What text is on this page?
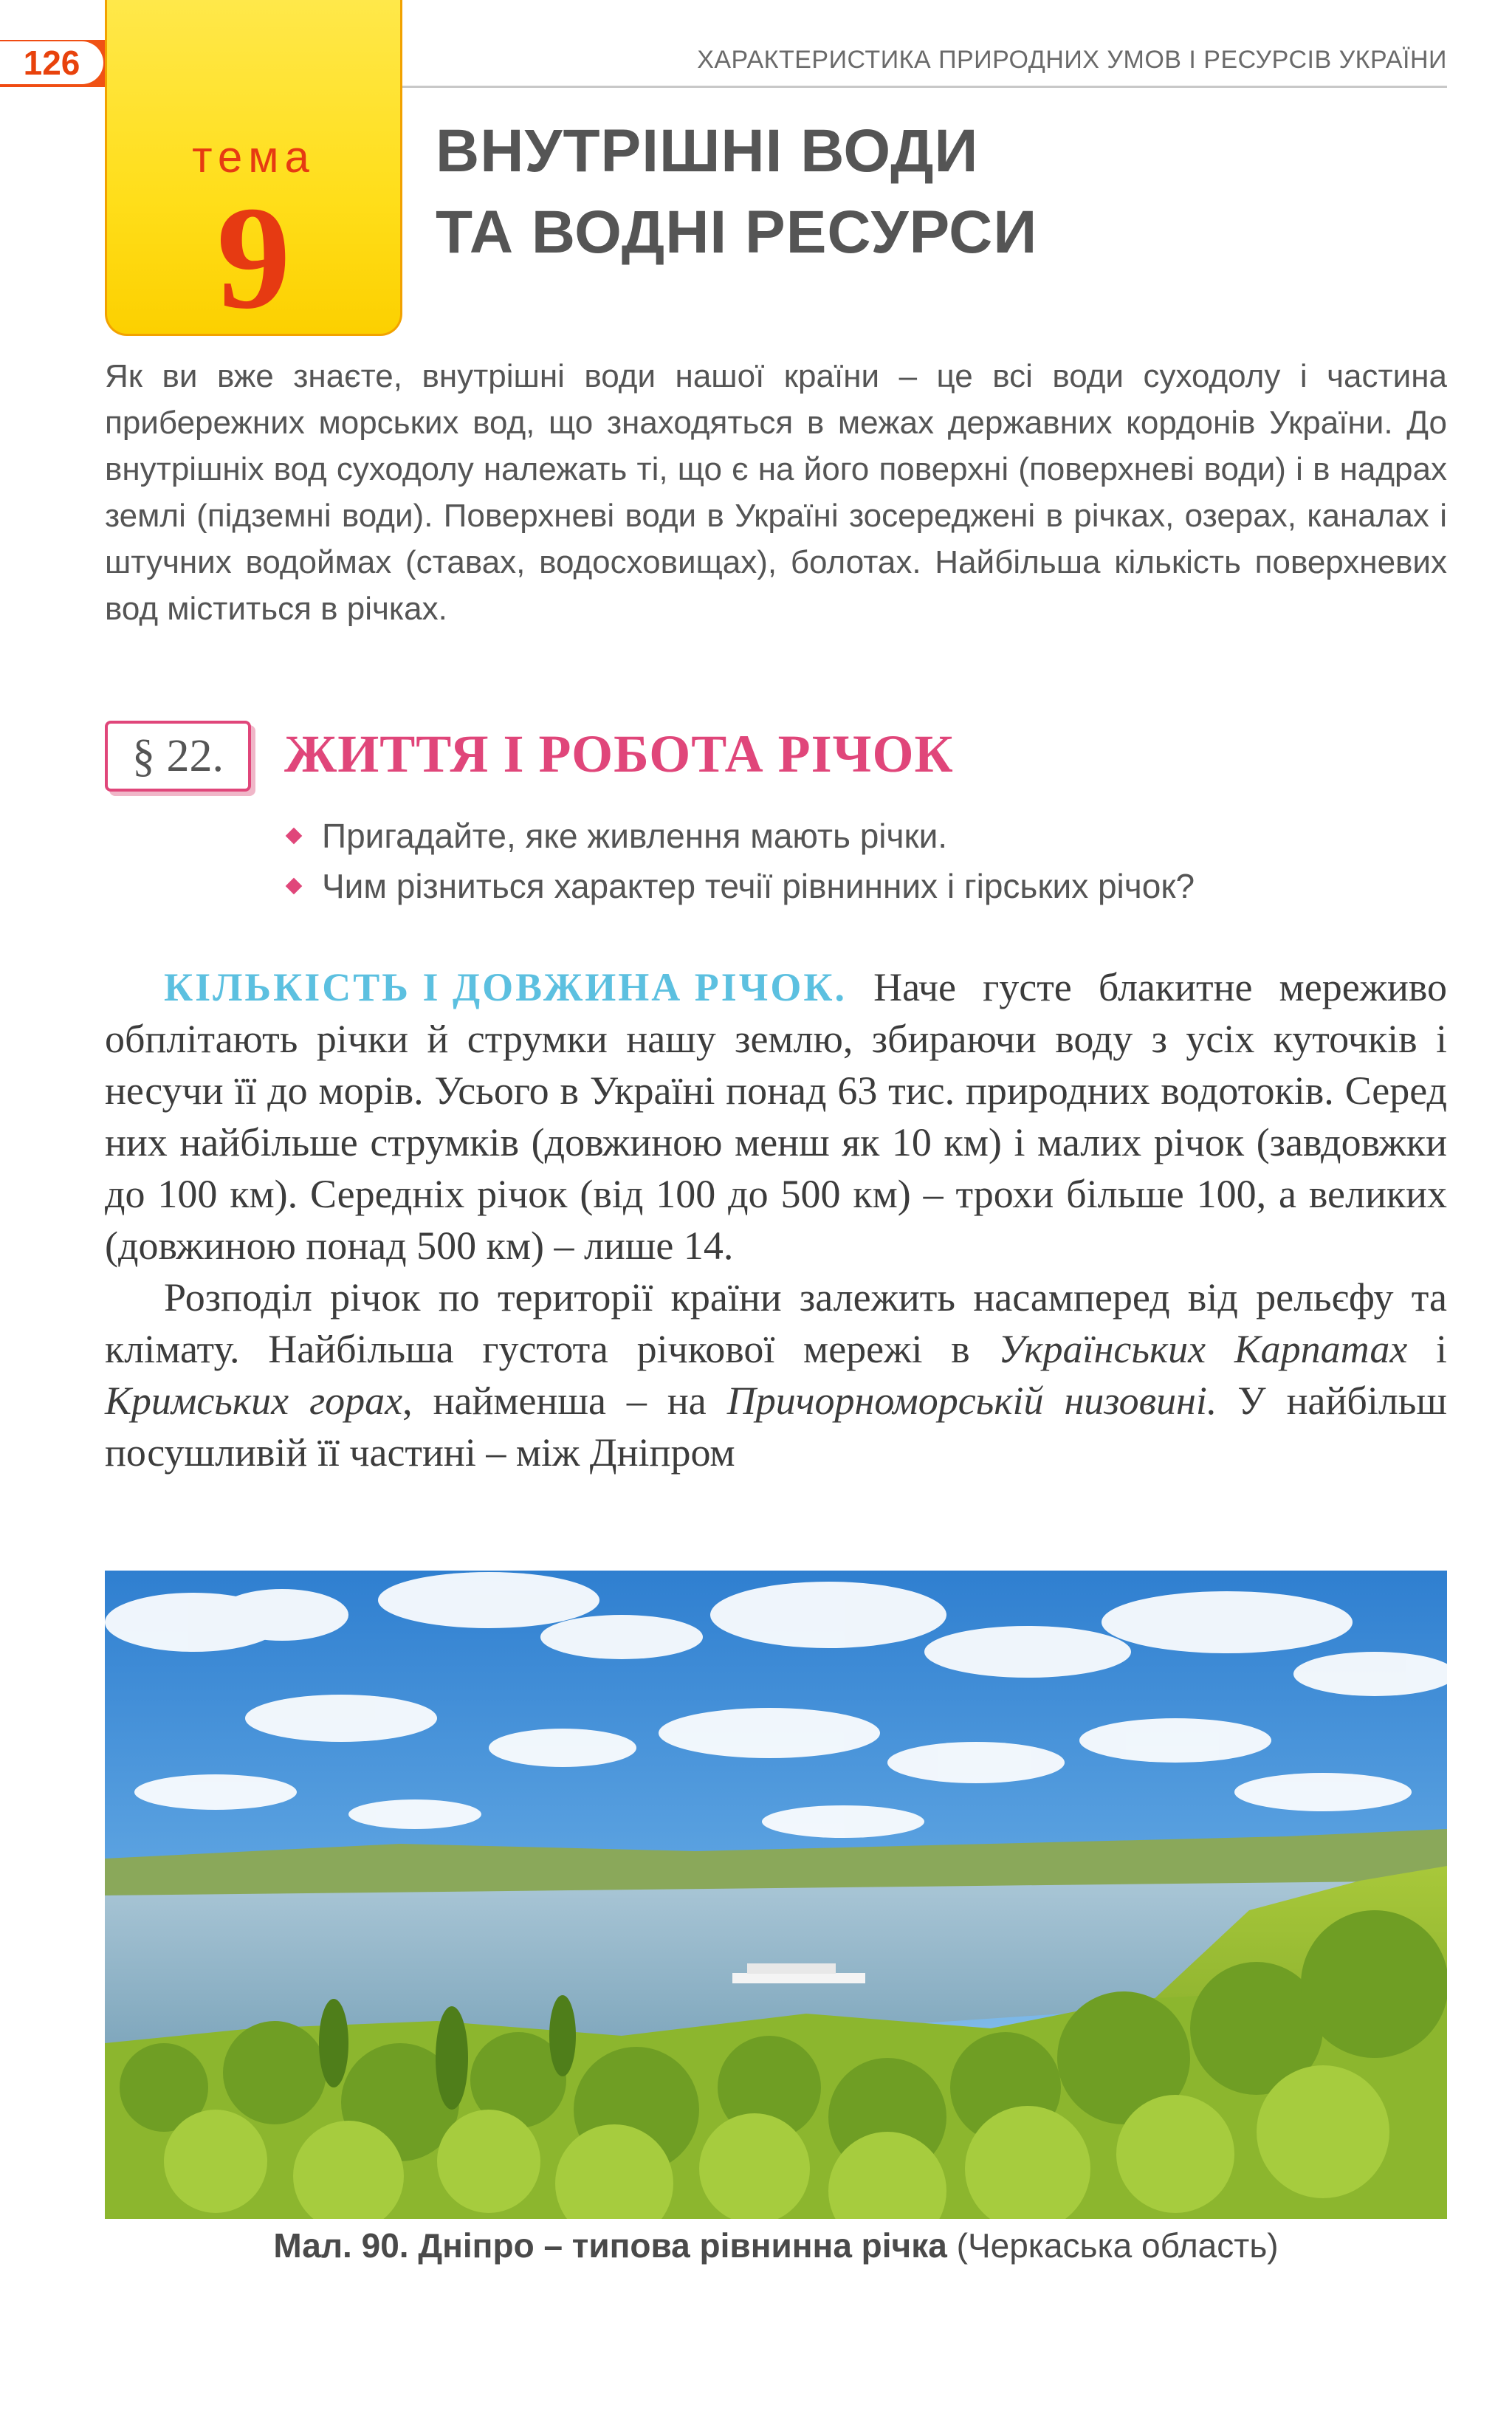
126	ХАРАКТЕРИСТИКА ПРИРОДНИХ УМОВ І РЕСУРСІВ УКРАЇНИ
тема
9
ВНУТРІШНІ ВОДИ
ТА ВОДНІ РЕСУРСИ

Як ви вже знаєте, внутрішні води нашої країни – це всі води суходолу і частина прибережних морських вод, що знаходяться в межах державних кордонів України. До внутрішніх вод суходолу належать ті, що є на його поверхні (поверхневі води) і в надрах землі (підземні води). Поверхневі води в Україні зосереджені в річках, озерах, каналах і штучних водоймах (ставах, водосховищах), болотах. Найбільша кількість поверхневих вод міститься в річках.

§ 22.	ЖИТТЯ І РОБОТА РІЧОК
Пригадайте, яке живлення мають річки.
Чим різниться характер течії рівнинних і гірських річок?

КІЛЬКІСТЬ І ДОВЖИНА РІЧОК. Наче густе блакитне мереживо обплітають річки й струмки нашу землю, збираючи воду з усіх куточків і несучи її до морів. Усього в Україні понад 63 тис. природних водотоків. Серед них найбільше струмків (довжиною менш як 10 км) і малих річок (завдовжки до 100 км). Середніх річок (від 100 до 500 км) – трохи більше 100, а великих (довжиною понад 500 км) – лише 14.

Розподіл річок по території країни залежить насамперед від рельєфу та клімату. Найбільша густота річкової мережі в Українських Карпатах і Кримських горах, найменша – на Причорноморській низовині. У найбільш посушливій її частині – між Дніпром

Мал. 90. Дніпро – типова рівнинна річка (Черкаська область)
